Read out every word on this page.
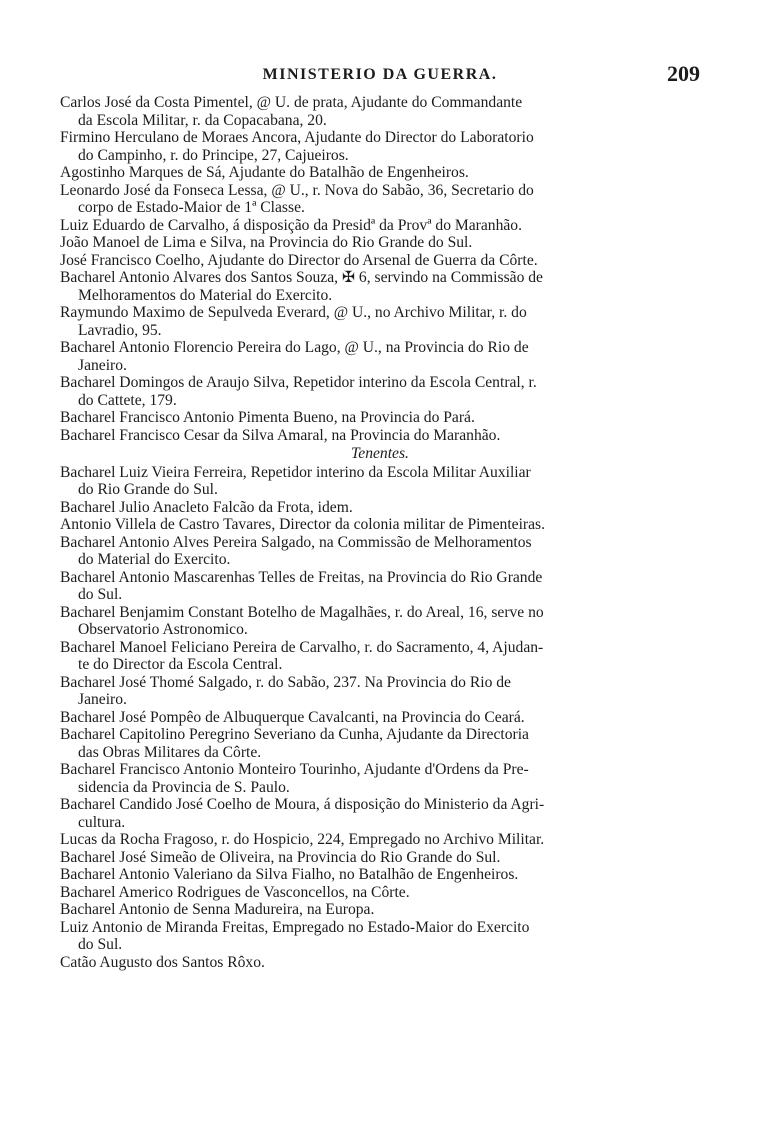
MINISTERIO DA GUERRA.	209
Carlos José da Costa Pimentel, @ U. de prata, Ajudante do Commandante
da Escola Militar, r. da Copacabana, 20.
Firmino Herculano de Moraes Ancora, Ajudante do Director do Laboratorio
do Campinho, r. do Principe, 27, Cajueiros.
Agostinho Marques de Sá, Ajudante do Batalhão de Engenheiros.
Leonardo José da Fonseca Lessa, @ U., r. Nova do Sabão, 36, Secretario do
corpo de Estado-Maior de 1ª Classe.
Luiz Eduardo de Carvalho, á disposição da Presidª da Provª do Maranhão.
João Manoel de Lima e Silva, na Provincia do Rio Grande do Sul.
José Francisco Coelho, Ajudante do Director do Arsenal de Guerra da Côrte.
Bacharel Antonio Alvares dos Santos Souza, ✠ 6, servindo na Commissão de
Melhoramentos do Material do Exercito.
Raymundo Maximo de Sepulveda Everard, @ U., no Archivo Militar, r. do
Lavradio, 95.
Bacharel Antonio Florencio Pereira do Lago, @ U., na Provincia do Rio de
Janeiro.
Bacharel Domingos de Araujo Silva, Repetidor interino da Escola Central, r.
do Cattete, 179.
Bacharel Francisco Antonio Pimenta Bueno, na Provincia do Pará.
Bacharel Francisco Cesar da Silva Amaral, na Provincia do Maranhão.
Tenentes.
Bacharel Luiz Vieira Ferreira, Repetidor interino da Escola Militar Auxiliar
do Rio Grande do Sul.
Bacharel Julio Anacleto Falcão da Frota, idem.
Antonio Villela de Castro Tavares, Director da colonia militar de Pimenteiras.
Bacharel Antonio Alves Pereira Salgado, na Commissão de Melhoramentos
do Material do Exercito.
Bacharel Antonio Mascarenhas Telles de Freitas, na Provincia do Rio Grande
do Sul.
Bacharel Benjamim Constant Botelho de Magalhães, r. do Areal, 16, serve no
Observatorio Astronomico.
Bacharel Manoel Feliciano Pereira de Carvalho, r. do Sacramento, 4, Ajudan-
te do Director da Escola Central.
Bacharel José Thomé Salgado, r. do Sabão, 237. Na Provincia do Rio de
Janeiro.
Bacharel José Pompêo de Albuquerque Cavalcanti, na Provincia do Ceará.
Bacharel Capitolino Peregrino Severiano da Cunha, Ajudante da Directoria
das Obras Militares da Côrte.
Bacharel Francisco Antonio Monteiro Tourinho, Ajudante d'Ordens da Pre-
sidencia da Provincia de S. Paulo.
Bacharel Candido José Coelho de Moura, á disposição do Ministerio da Agri-
cultura.
Lucas da Rocha Fragoso, r. do Hospicio, 224, Empregado no Archivo Militar.
Bacharel José Simeão de Oliveira, na Provincia do Rio Grande do Sul.
Bacharel Antonio Valeriano da Silva Fialho, no Batalhão de Engenheiros.
Bacharel Americo Rodrigues de Vasconcellos, na Côrte.
Bacharel Antonio de Senna Madureira, na Europa.
Luiz Antonio de Miranda Freitas, Empregado no Estado-Maior do Exercito
do Sul.
Catão Augusto dos Santos Rôxo.
